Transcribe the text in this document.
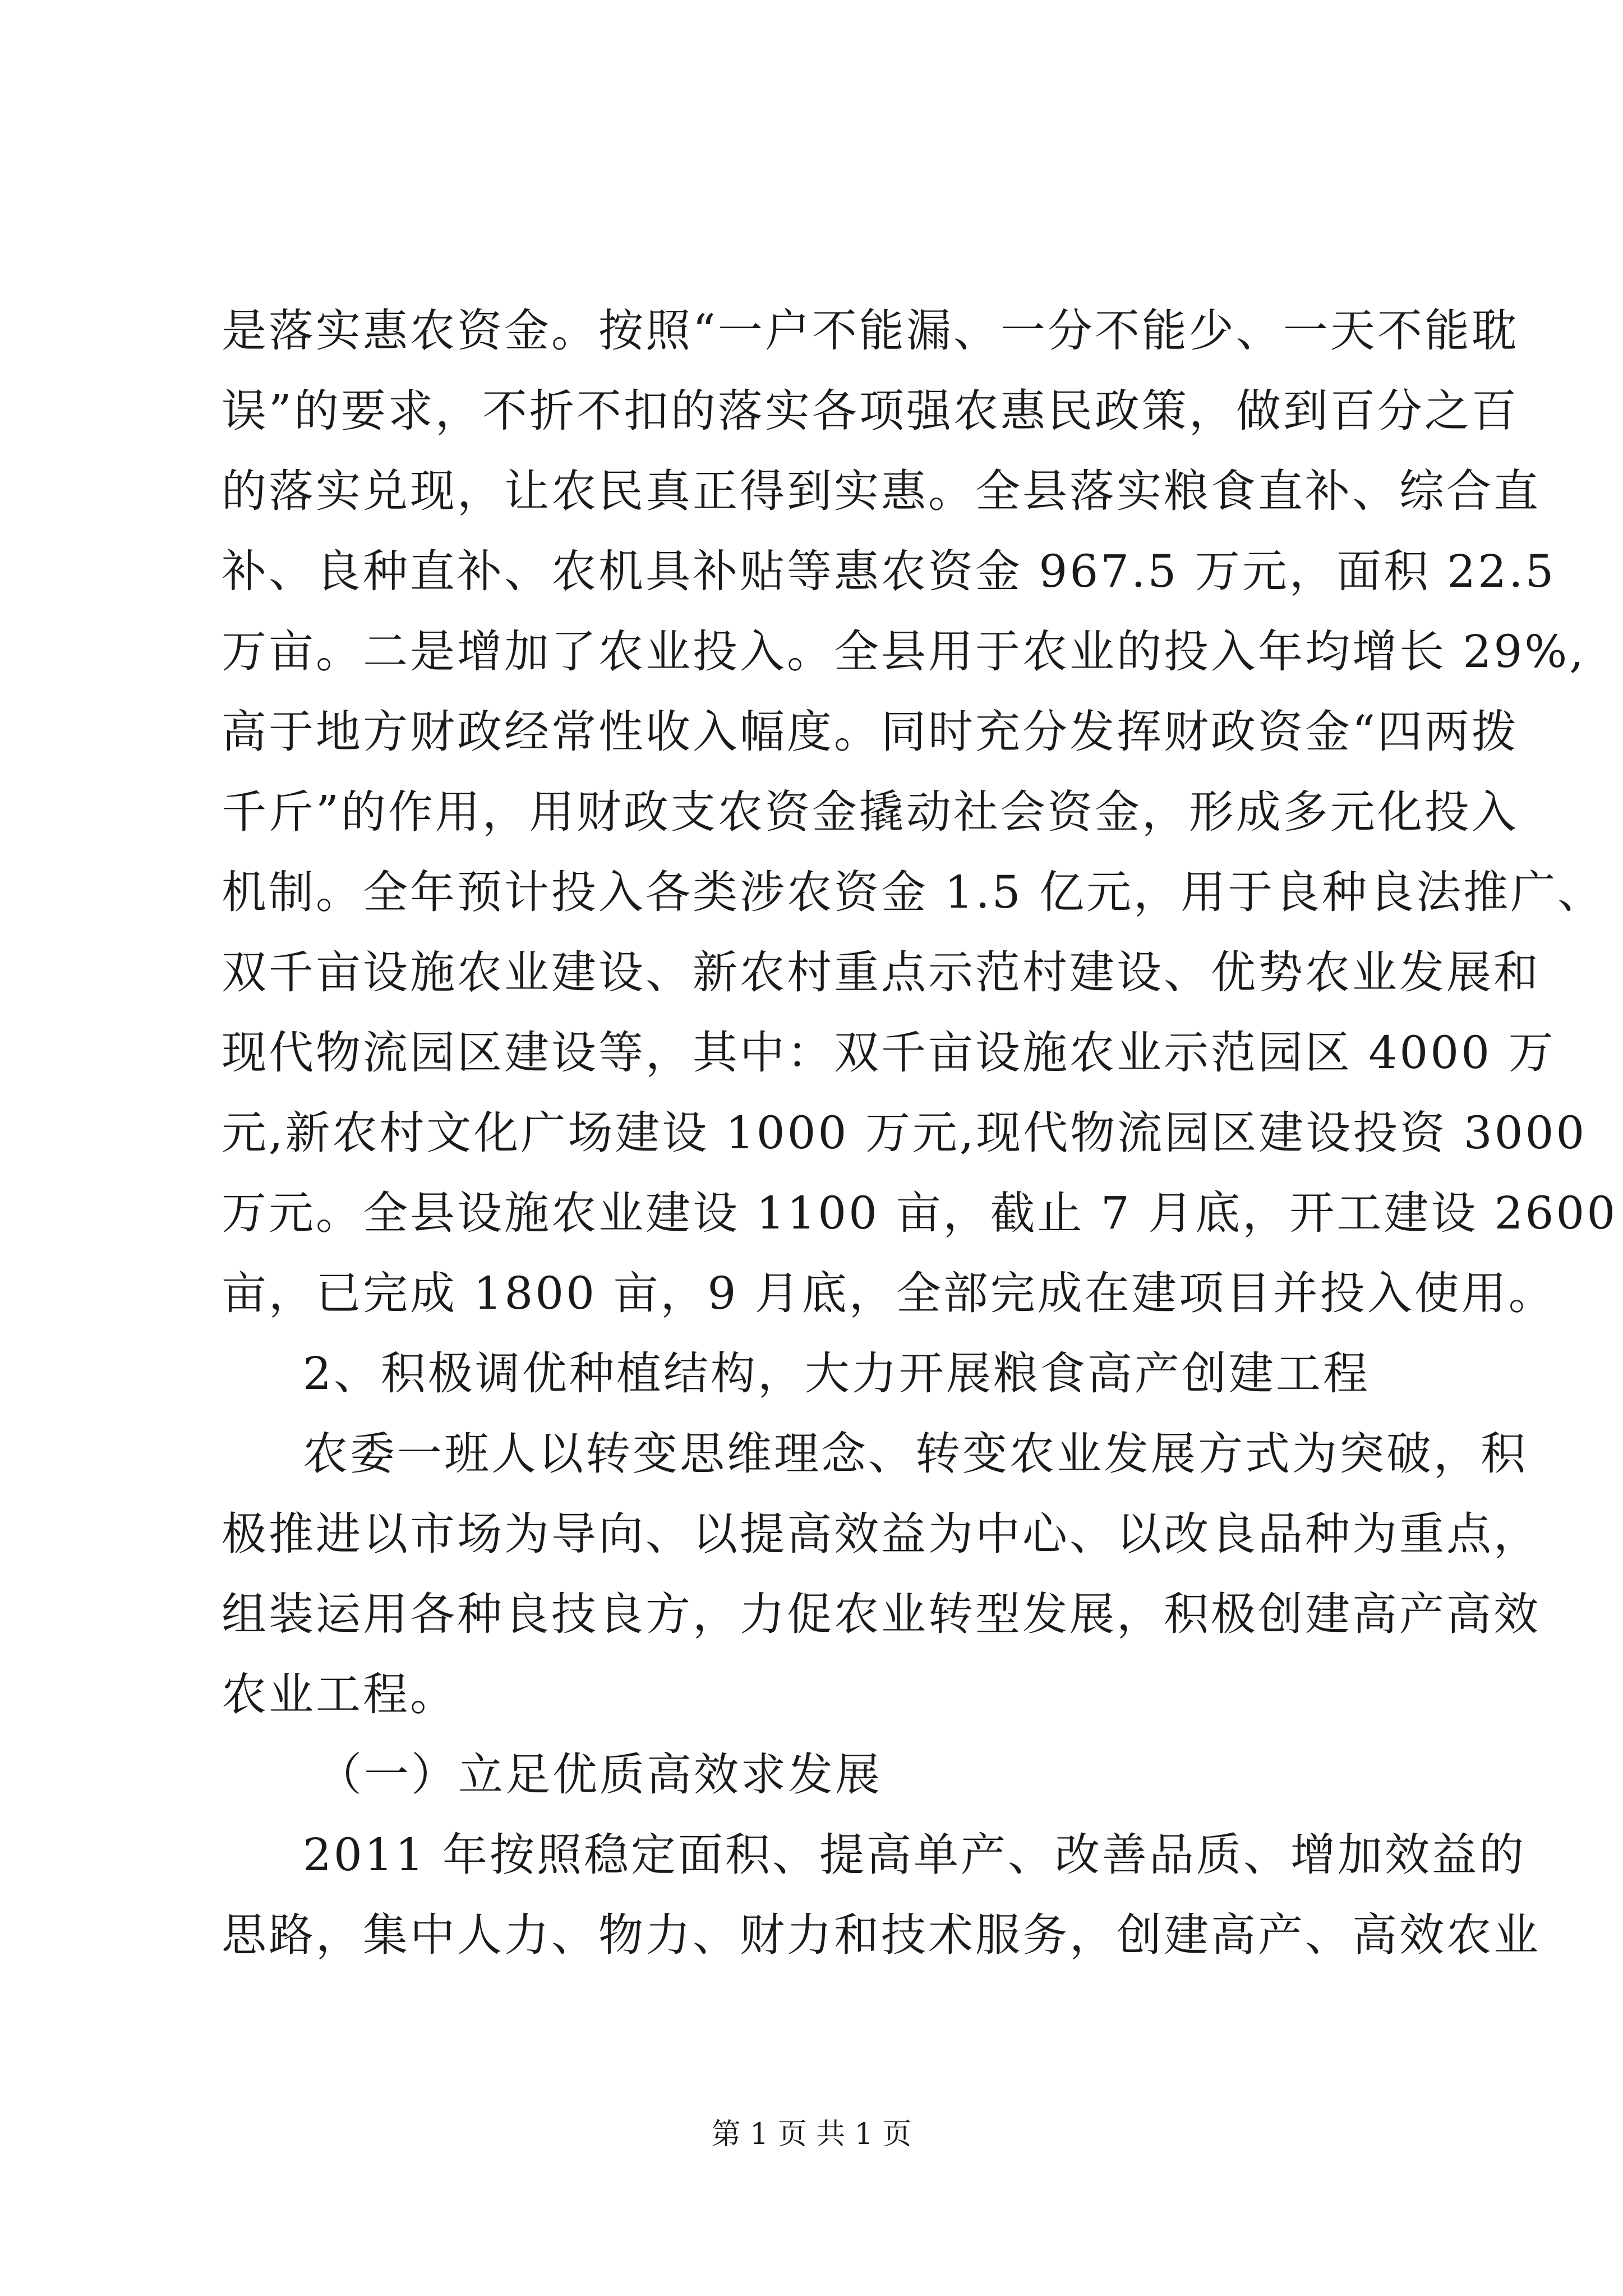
是落实惠农资金。按照“一户不能漏、一分不能少、一天不能耽
误”的要求，不折不扣的落实各项强农惠民政策，做到百分之百
的落实兑现，让农民真正得到实惠。全县落实粮食直补、综合直
补、良种直补、农机具补贴等惠农资金 967.5 万元，面积 22.5
万亩。二是增加了农业投入。全县用于农业的投入年均增长 29%,
高于地方财政经常性收入幅度。同时充分发挥财政资金“四两拨
千斤”的作用，用财政支农资金撬动社会资金，形成多元化投入
机制。全年预计投入各类涉农资金 1.5 亿元，用于良种良法推广、
双千亩设施农业建设、新农村重点示范村建设、优势农业发展和
现代物流园区建设等，其中：双千亩设施农业示范园区 4000 万
元,新农村文化广场建设 1000 万元,现代物流园区建设投资 3000
万元。全县设施农业建设 1100 亩，截止 7 月底，开工建设 2600
亩，已完成 1800 亩，9 月底，全部完成在建项目并投入使用。
2、积极调优种植结构，大力开展粮食高产创建工程
农委一班人以转变思维理念、转变农业发展方式为突破，积
极推进以市场为导向、以提高效益为中心、以改良品种为重点，
组装运用各种良技良方，力促农业转型发展，积极创建高产高效
农业工程。
（一）立足优质高效求发展
2011 年按照稳定面积、提高单产、改善品质、增加效益的
思路，集中人力、物力、财力和技术服务，创建高产、高效农业
第 1 页 共 1 页
